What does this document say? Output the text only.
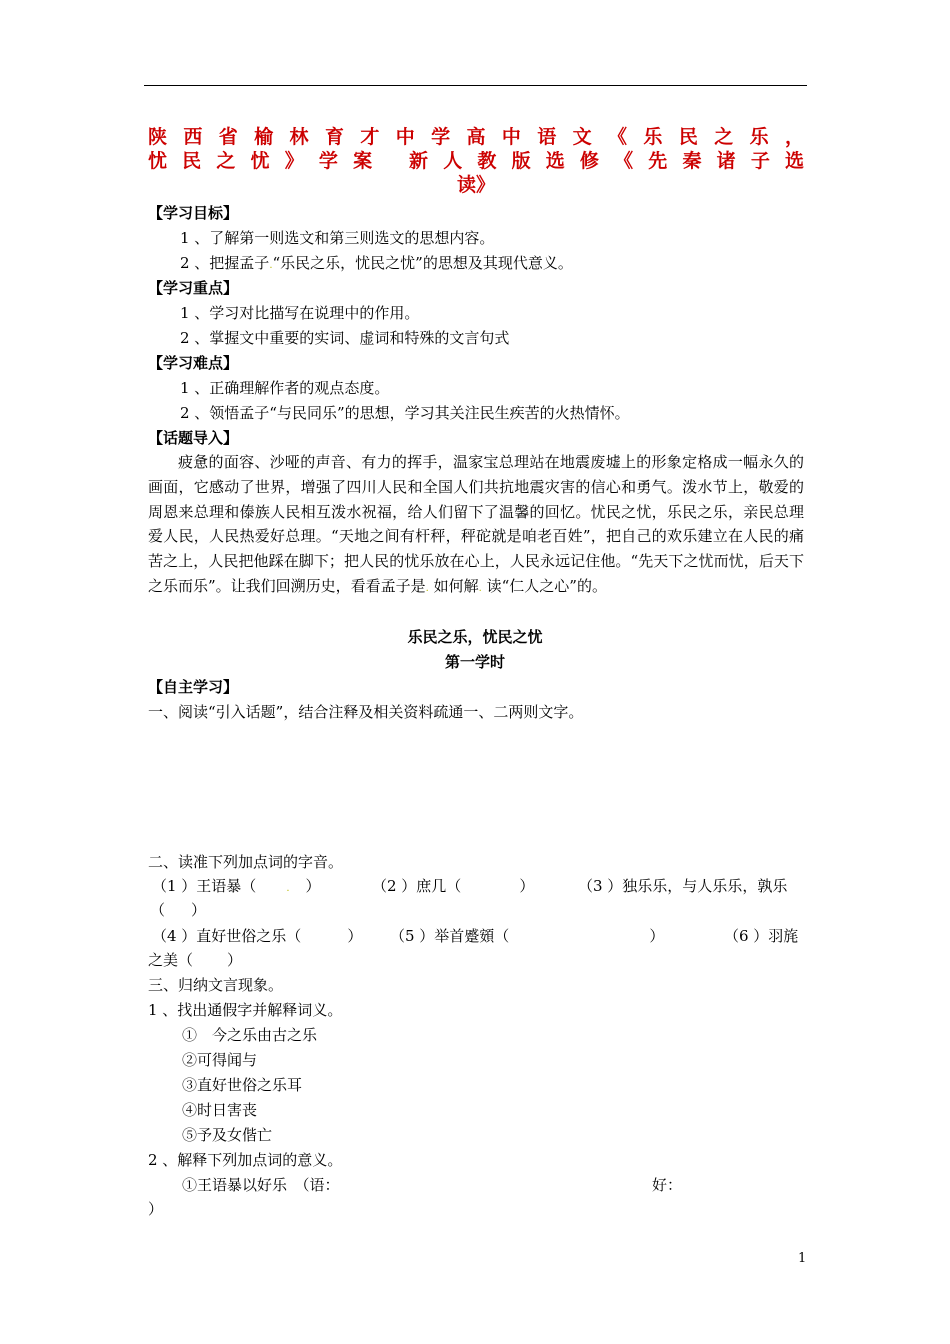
陕西省榆林育才中学高中语文《乐民之乐，
忧民之忧》学案 新人教版选修《先秦诸子选
读》
【学习目标】
1 、了解第一则选文和第三则选文的思想内容。
2 、把握孟子.“乐民之乐，忧民之忧”的思想及其现代意义。
【学习重点】
1 、学习对比描写在说理中的作用。
2 、掌握文中重要的实词、虚词和特殊的文言句式
【学习难点】
1 、正确理解作者的观点态度。
2 、领悟孟子“与民同乐”的思想，学习其关注民生疾苦的火热情怀。
【话题导入】
疲惫的面容、沙哑的声音、有力的挥手，温家宝总理站在地震废墟上的形象定格成一幅永久的画面，它感动了世界，增强了四川人民和全国人们共抗地震灾害的信心和勇气。泼水节上，敬爱的周恩来总理和傣族人民相互泼水祝福，给人们留下了温馨的回忆。忧民之忧，乐民之乐，亲民总理爱人民，人民热爱好总理。“天地之间有杆秤，秤砣就是咱老百姓”，把自己的欢乐建立在人民的痛苦之上，人民把他踩在脚下；把人民的忧乐放在心上，人民永远记住他。“先天下之忧而忧，后天下之乐而乐”。让我们回溯历史，看看孟子是. 如何解. 读“仁人之心”的。
乐民之乐，忧民之忧
第一学时
【自主学习】
一、阅读“引入话题”，结合注释及相关资料疏通一、二两则文字。
二、读准下列加点词的字音。
（1 ）王语暴（	. ）	（2 ）庶几（	）	（3 ）独乐乐，与人乐乐，孰乐
（ ）
（4 ）直好世俗之乐（	） （5 ）举首蹙頞（	）	（6 ）羽旄
之美（ ）
三、归纳文言现象。
1 、找出通假字并解释词义。
①　今之乐由古之乐
②可得闻与
③直好世俗之乐耳
④时日害丧
⑤予及女偕亡
2 、解释下列加点词的意义。
①王语暴以好乐　（语：	好：
）
1
